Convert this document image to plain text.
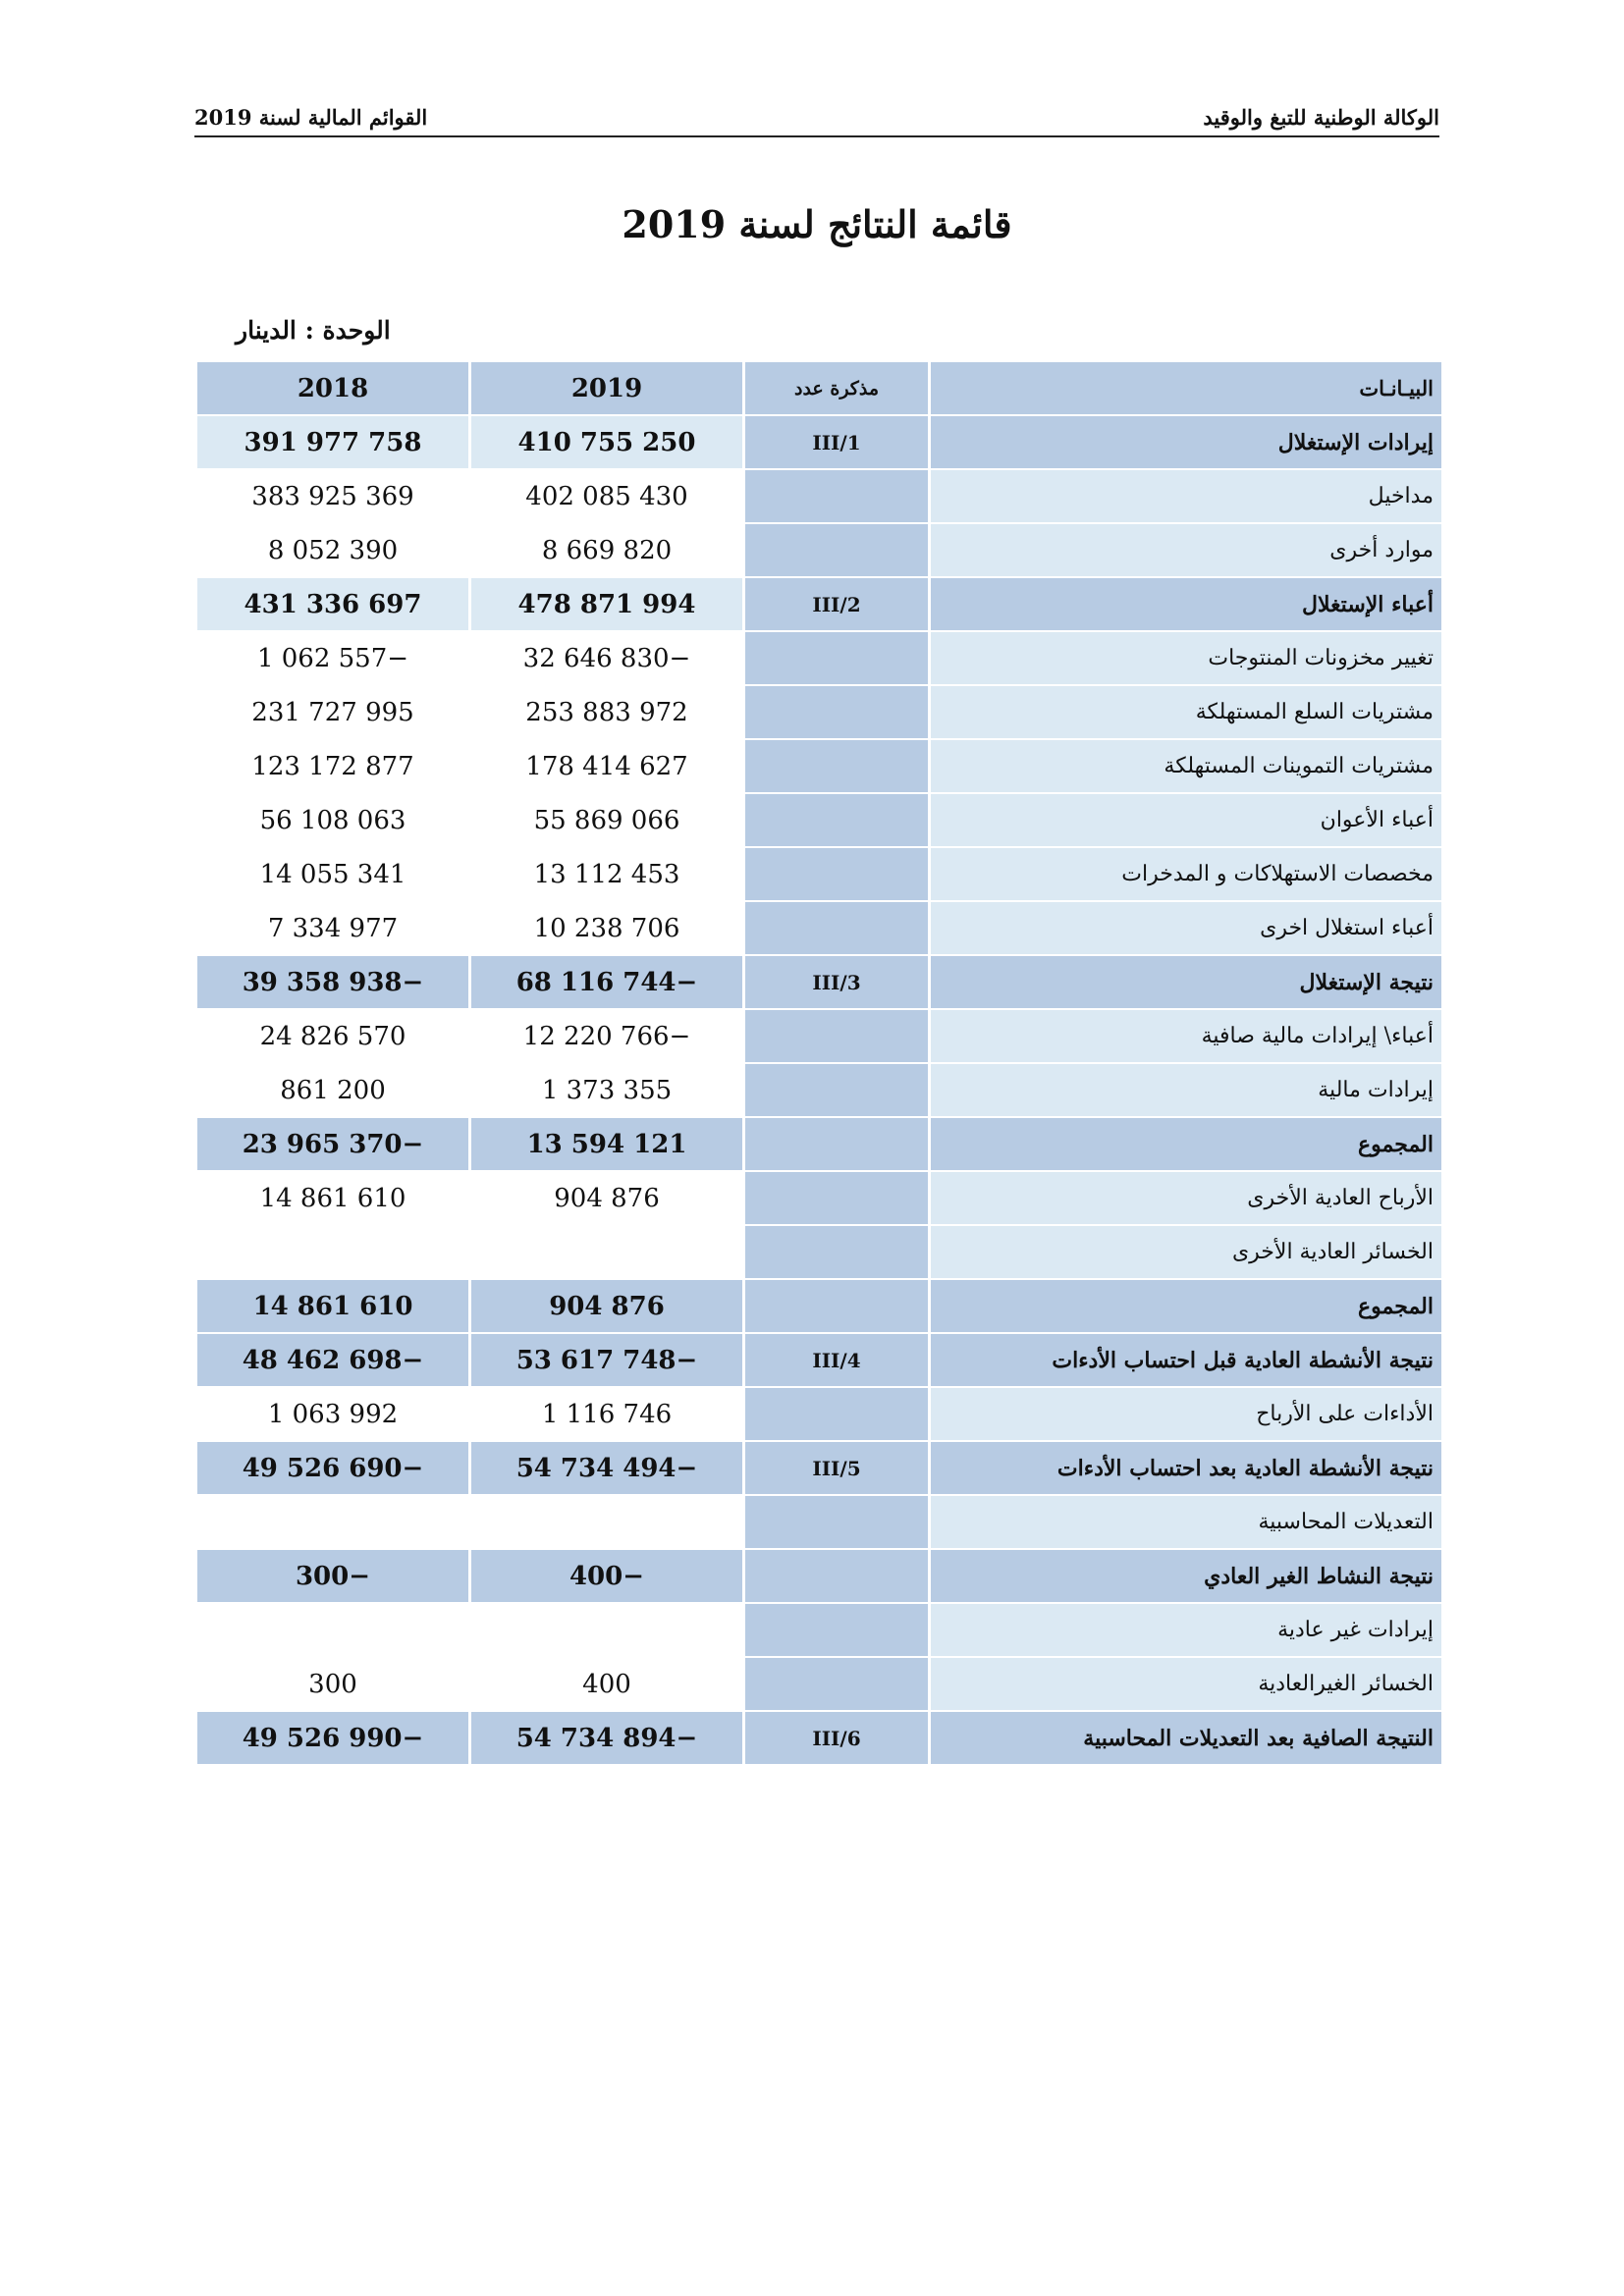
الوكالة الوطنية للتبغ والوقيد
القوائم المالية لسنة 2019
قائمة النتائج لسنة 2019
الوحدة : الدينار
البيـانـات	مذكرة عدد	2019	2018
إيرادات الإستغلال	III/1	410 755 250	391 977 758
مداخيل		402 085 430	383 925 369
موارد أخرى		8 669 820	8 052 390
أعباء الإستغلال	III/2	478 871 994	431 336 697
تغيير مخزونات المنتوجات		32 646 830−	1 062 557−
مشتريات السلع المستهلكة		253 883 972	231 727 995
مشتريات التموينات المستهلكة		178 414 627	123 172 877
أعباء الأعوان		55 869 066	56 108 063
مخصصات الاستهلاكات و المدخرات		13 112 453	14 055 341
أعباء استغلال اخرى		10 238 706	7 334 977
نتيجة الإستغلال	III/3	68 116 744−	39 358 938−
أعباء\ إيرادات مالية صافية		12 220 766−	24 826 570
إيرادات مالية		1 373 355	861 200
المجموع		13 594 121	23 965 370−
الأرباح العادية الأخرى		904 876	14 861 610
الخسائر العادية الأخرى			
المجموع		904 876	14 861 610
نتيجة الأنشطة العادية قبل احتساب الأدءات	III/4	53 617 748−	48 462 698−
الأداءات على الأرباح		1 116 746	1 063 992
نتيجة الأنشطة العادية بعد احتساب الأدءات	III/5	54 734 494−	49 526 690−
التعديلات المحاسبية			
نتيجة النشاط الغير العادي		400−	300−
إيرادات غير عادية			
الخسائر الغيرالعادية		400	300
النتيجة الصافية بعد التعديلات المحاسبية	III/6	54 734 894−	49 526 990−
